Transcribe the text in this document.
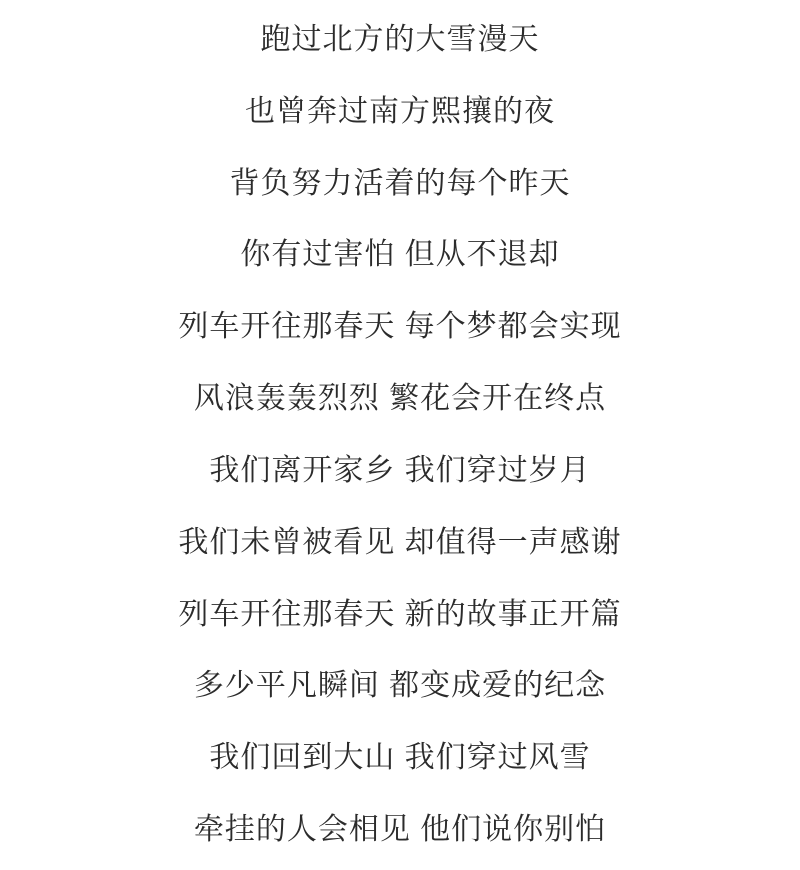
跑过北方的大雪漫天
也曾奔过南方熙攘的夜
背负努力活着的每个昨天
你有过害怕 但从不退却
列车开往那春天 每个梦都会实现
风浪轰轰烈烈 繁花会开在终点
我们离开家乡 我们穿过岁月
我们未曾被看见 却值得一声感谢
列车开往那春天 新的故事正开篇
多少平凡瞬间 都变成爱的纪念
我们回到大山 我们穿过风雪
牵挂的人会相见 他们说你别怕
